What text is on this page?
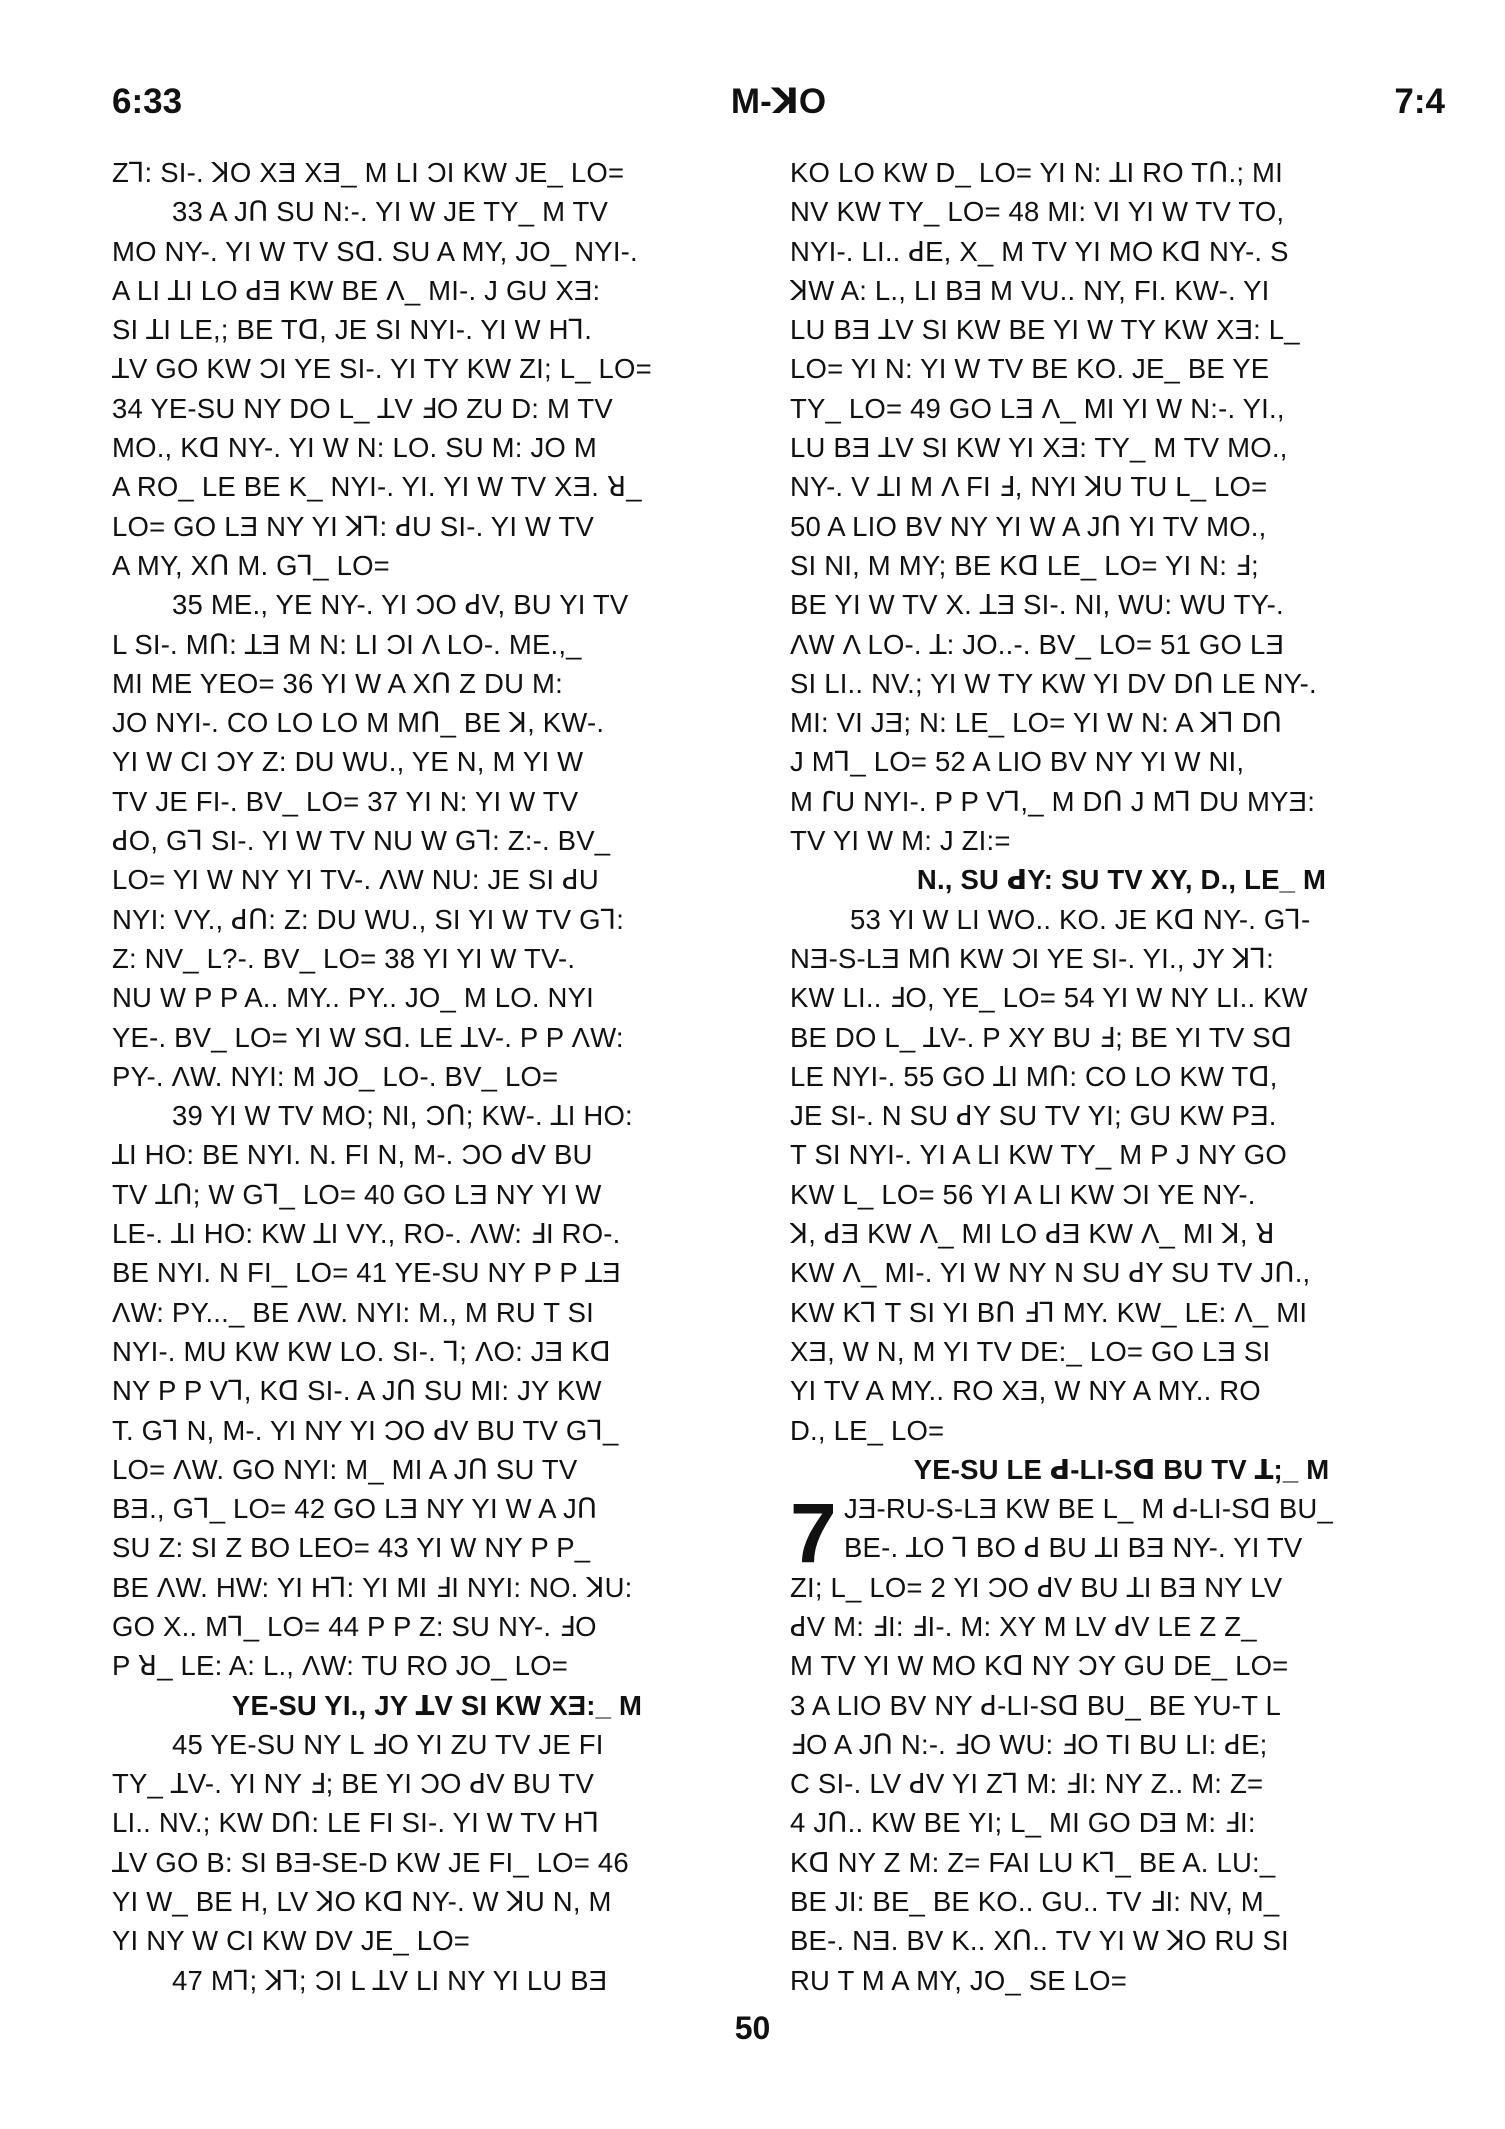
6:33	M-ꓘO	7:4

Zꓶ: SI-. ꓘO XƎ XƎ_ M LI ƆI KW JE_ LO=

33 A JՈ SU N:-. YI W JE TY_ M TV

MO NY-. YI W TV Sꓷ. SU A MY, JO_ NYI-.

A LI ꓕI LO ꓒƎ KW BE Λ_ MI-. J GU XƎ:

SI ꓕI LE,; BE Tꓷ, JE SI NYI-. YI W Hꓶ.

ꓕV GO KW ƆI YE SI-. YI TY KW ZI; L_ LO=

34 YE-SU NY DO L_ ꓕV ꓞO ZU D: M TV

MO., Kꓷ NY-. YI W N: LO. SU M: JO M

A RO_ LE BE K_ NYI-. YI. YI W TV XƎ. ꓤ_

LO= GO LƎ NY YI ꓘꓶ: ꓒU SI-. YI W TV

A MY, XՈ M. Gꓶ_ LO=

35 ME., YE NY-. YI ƆO ꓒV, BU YI TV

L SI-. MՈ: ꓕƎ M N: LI ƆI Λ LO-. ME.,_

MI ME YEO= 36 YI W A XՈ Z DU M:

JO NYI-. CO LO LO M MՈ_ BE ꓘ, KW-.

YI W CI ƆY Z: DU WU., YE N, M YI W

TV JE FI-. BV_ LO= 37 YI N: YI W TV

ꓒO, Gꓶ SI-. YI W TV NU W Gꓶ: Z:-. BV_

LO= YI W NY YI TV-. ΛW NU: JE SI ꓒU

NYI: VY., ꓒՈ: Z: DU WU., SI YI W TV Gꓶ:

Z: NV_ L?-. BV_ LO= 38 YI YI W TV-.

NU W P P A.. MY.. PY.. JO_ M LO. NYI

YE-. BV_ LO= YI W Sꓷ. LE ꓕV-. P P ΛW:

PY-. ΛW. NYI: M JO_ LO-. BV_ LO=

39 YI W TV MO; NI, ƆՈ; KW-. ꓕI HO:

ꓕI HO: BE NYI. N. FI N, M-. ƆO ꓒV BU

TV ꓕՈ; W Gꓶ_ LO= 40 GO LƎ NY YI W

LE-. ꓕI HO: KW ꓕI VY., RO-. ΛW: ꓞI RO-.

BE NYI. N FI_ LO= 41 YE-SU NY P P ꓕƎ

ΛW: PY..._ BE ΛW. NYI: M., M RU T SI

NYI-. MU KW KW LO. SI-. ꓶ; ΛO: JƎ Kꓷ

NY P P Vꓶ, Kꓷ SI-. A JՈ SU MI: JY KW

T. Gꓶ N, M-. YI NY YI ƆO ꓒV BU TV Gꓶ_

LO= ΛW. GO NYI: M_ MI A JՈ SU TV

BƎ., Gꓶ_ LO= 42 GO LƎ NY YI W A JՈ

SU Z: SI Z BO LEO= 43 YI W NY P P_

BE ΛW. HW: YI Hꓶ: YI MI ꓞI NYI: NO. ꓘU:

GO X.. Mꓶ_ LO= 44 P P Z: SU NY-. ꓞO

P ꓤ_ LE: A: L., ΛW: TU RO JO_ LO=

YE-SU YI., JY ꓕV SI KW XƎ:_ M

45 YE-SU NY L ꓞO YI ZU TV JE FI

TY_ ꓕV-. YI NY ꓞ; BE YI ƆO ꓒV BU TV

LI.. NV.; KW DՈ: LE FI SI-. YI W TV Hꓶ

ꓕV GO B: SI BƎ-SE-D KW JE FI_ LO= 46

YI W_ BE H, LV ꓘO Kꓷ NY-. W ꓘU N, M

YI NY W CI KW DV JE_ LO=

47 Mꓶ; ꓘꓶ; ƆI L ꓕV LI NY YI LU BƎ

KO LO KW D_ LO= YI N: ꓕI RO TՈ.; MI

NV KW TY_ LO= 48 MI: VI YI W TV TO,

NYI-. LI.. ꓒE, X_ M TV YI MO Kꓷ NY-. S

ꓘW A: L., LI BƎ M VU.. NY, FI. KW-. YI

LU BƎ ꓕV SI KW BE YI W TY KW XƎ: L_

LO= YI N: YI W TV BE KO. JE_ BE YE

TY_ LO= 49 GO LƎ Λ_ MI YI W N:-. YI.,

LU BƎ ꓕV SI KW YI XƎ: TY_ M TV MO.,

NY-. V ꓕI M Λ FI ꓞ, NYI ꓘU TU L_ LO=

50 A LIO BV NY YI W A JՈ YI TV MO.,

SI NI, M MY; BE Kꓷ LE_ LO= YI N: ꓞ;

BE YI W TV X. ꓕƎ SI-. NI, WU: WU TY-.

ΛW Λ LO-. ꓕ: JO..-. BV_ LO= 51 GO LƎ

SI LI.. NV.; YI W TY KW YI DV DՈ LE NY-.

MI: VI JƎ; N: LE_ LO= YI W N: A ꓘꓶ DՈ

J Mꓶ_ LO= 52 A LIO BV NY YI W NI,

M ꓩU NYI-. P P Vꓶ,_ M DՈ J Mꓶ DU MYƎ:

TV YI W M: J ZI:=

N., SU ꓒY: SU TV XY, D., LE_ M

53 YI W LI WO.. KO. JE Kꓷ NY-. Gꓶ-

NƎ-S-LƎ MՈ KW ƆI YE SI-. YI., JY ꓘꓶ:

KW LI.. ꓞO, YE_ LO= 54 YI W NY LI.. KW

BE DO L_ ꓕV-. P XY BU ꓞ; BE YI TV Sꓷ

LE NYI-. 55 GO ꓕI MՈ: CO LO KW Tꓷ,

JE SI-. N SU ꓒY SU TV YI; GU KW PƎ.

T SI NYI-. YI A LI KW TY_ M P J NY GO

KW L_ LO= 56 YI A LI KW ƆI YE NY-.

ꓘ, ꓒƎ KW Λ_ MI LO ꓒƎ KW Λ_ MI ꓘ, ꓤ

KW Λ_ MI-. YI W NY N SU ꓒY SU TV JՈ.,

KW Kꓶ T SI YI BՈ ꓞꓶ MY. KW_ LE: Λ_ MI

XƎ, W N, M YI TV DE:_ LO= GO LƎ SI

YI TV A MY.. RO XƎ, W NY A MY.. RO

D., LE_ LO=

YE-SU LE ꓒ-LI-Sꓷ BU TV ꓕ;_ M

7 JƎ-RU-S-LƎ KW BE L_ M ꓒ-LI-Sꓷ BU_

BE-. ꓕO ꓶ BO ꓒ BU ꓕI BƎ NY-. YI TV

ZI; L_ LO= 2 YI ƆO ꓒV BU ꓕI BƎ NY LV

ꓒV M: ꓞI: ꓞI-. M: XY M LV ꓒV LE Z Z_

M TV YI W MO Kꓷ NY ƆY GU DE_ LO=

3 A LIO BV NY ꓒ-LI-Sꓷ BU_ BE YU-T L

ꓞO A JՈ N:-. ꓞO WU: ꓞO TI BU LI: ꓒE;

C SI-. LV ꓒV YI Zꓶ M: ꓞI: NY Z.. M: Z=

4 JՈ.. KW BE YI; L_ MI GO DƎ M: ꓞI:

Kꓷ NY Z M: Z= FAI LU Kꓶ_ BE A. LU:_

BE JI: BE_ BE KO.. GU.. TV ꓞI: NV, M_

BE-. NƎ. BV K.. XՈ.. TV YI W ꓘO RU SI

RU T M A MY, JO_ SE LO=

50
